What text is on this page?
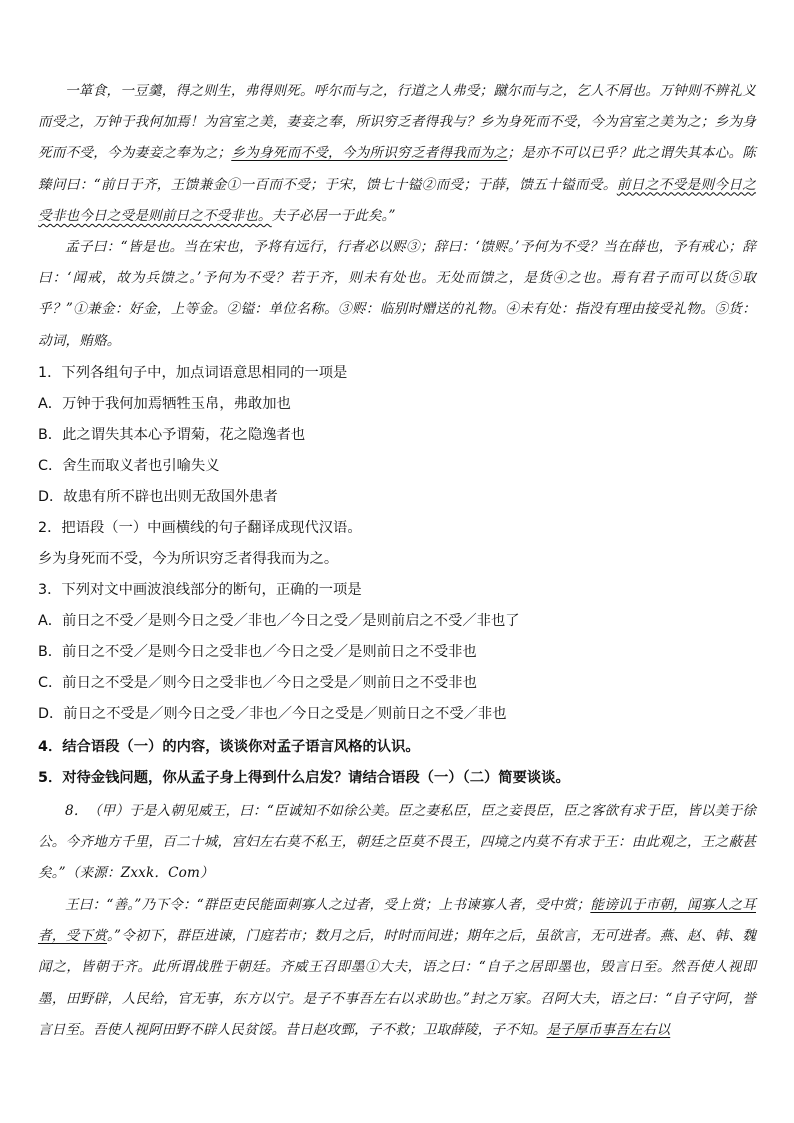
一箪食，一豆羹，得之则生，弗得则死。呼尔而与之，行道之人弗受；蹴尔而与之，乞人不屑也。万钟则不辨礼义而受之，万钟于我何加焉！为宫室之美，妻妾之奉，所识穷乏者得我与？乡为身死而不受，今为宫室之美为之；乡为身死而不受，今为妻妾之奉为之；乡为身死而不受，今为所识穷乏者得我而为之；是亦不可以已乎？此之谓失其本心。陈臻问曰：“前日于齐，王馈兼金①一百而不受；于宋，馈七十镒②而受；于薛，馈五十镒而受。前日之不受是则今日之受非也今日之受是则前日之不受非也。夫子必居一于此矣。”

孟子曰：“皆是也。当在宋也，予将有远行，行者必以赆③；辞曰：‘馈赆。’予何为不受？当在薛也，予有戒心；辞曰：‘闻戒，故为兵馈之。’予何为不受？若于齐，则未有处也。无处而馈之，是货④之也。焉有君子而可以货⑤取乎？”①兼金：好金，上等金。②镒：单位名称。③赆：临别时赠送的礼物。④未有处：指没有理由接受礼物。⑤货：动词，贿赂。

1．下列各组句子中，加点词语意思相同的一项是
A．万钟于我何加焉牺牲玉帛，弗敢加也
B．此之谓失其本心予谓菊，花之隐逸者也
C．舍生而取义者也引喻失义
D．故患有所不辟也出则无敌国外患者
2．把语段（一）中画横线的句子翻译成现代汉语。
乡为身死而不受，今为所识穷乏者得我而为之。
3．下列对文中画波浪线部分的断句，正确的一项是
A．前日之不受／是则今日之受／非也／今日之受／是则前启之不受／非也了
B．前日之不受／是则今日之受非也／今日之受／是则前日之不受非也
C．前日之不受是／则今日之受非也／今日之受是／则前日之不受非也
D．前日之不受是／则今日之受／非也／今日之受是／则前日之不受／非也
4．结合语段（一）的内容，谈谈你对孟子语言风格的认识。
5．对待金钱问题，你从孟子身上得到什么启发？请结合语段（一）（二）简要谈谈。

8．　（甲）于是入朝见威王，曰：“臣诚知不如徐公美。臣之妻私臣，臣之妾畏臣，臣之客欲有求于臣，皆以美于徐公。今齐地方千里，百二十城，宫妇左右莫不私王，朝廷之臣莫不畏王，四境之内莫不有求于王：由此观之，王之蔽甚矣。”（来源：Zxxk．Com）

王曰：“善。”乃下令：“群臣吏民能面刺寡人之过者，受上赏；上书谏寡人者，受中赏；能谤讥于市朝，闻寡人之耳者，受下赏。”令初下，群臣进谏，门庭若市；数月之后，时时而间进；期年之后，虽欲言，无可进者。燕、赵、韩、魏闻之，皆朝于齐。此所谓战胜于朝廷。齐威王召即墨①大夫，语之曰：“自子之居即墨也，毁言日至。然吾使人视即墨，田野辟，人民给，官无事，东方以宁。是子不事吾左右以求助也。”封之万家。召阿大夫，语之曰：“自子守阿，誉言日至。吾使人视阿田野不辟人民贫馁。昔日赵攻鄄，子不救；卫取薛陵，子不知。是子厚币事吾左右以
